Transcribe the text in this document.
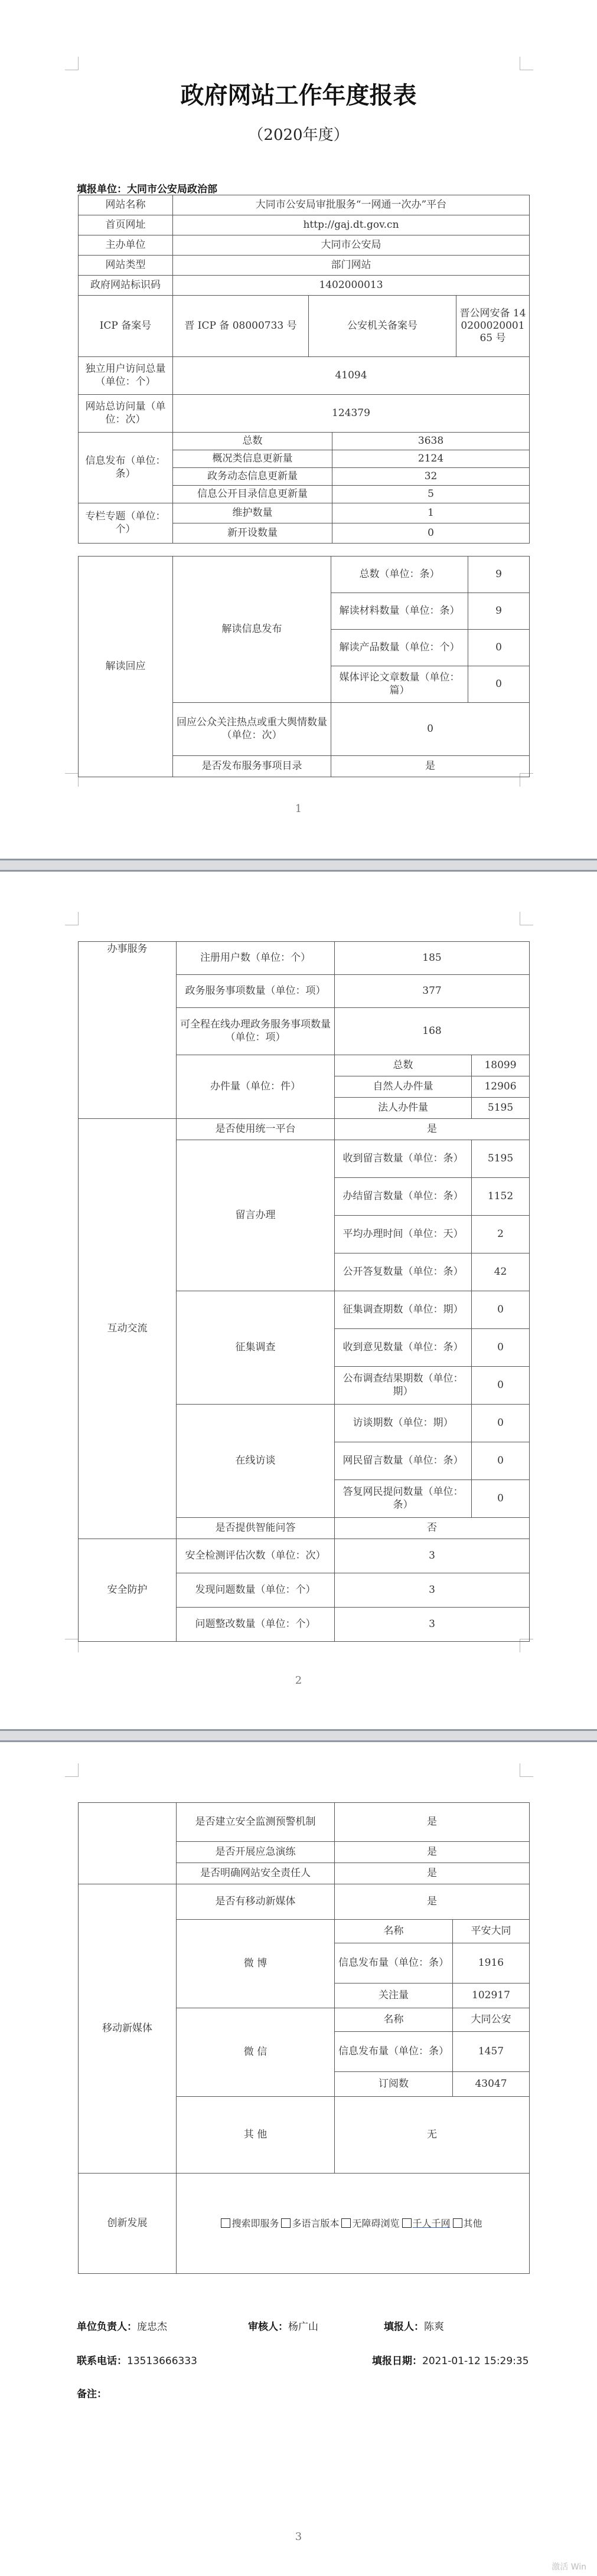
政府网站工作年度报表
（2020年度）
填报单位：大同市公安局政治部
网站名称	大同市公安局审批服务“一网通一次办”平台
首页网址	http://gaj.dt.gov.cn
主办单位	大同市公安局
网站类型	部门网站
政府网站标识码	1402000013
ICP 备案号	晋 ICP 备 08000733 号	公安机关备案号	晋公网安备 14020002000165 号
独立用户访问总量（单位：个）	41094		
网站总访问量（单位：次）	124379		
信息发布（单位：条）	总数	3638
	概况类信息更新量	2124
	政务动态信息更新量	32
	信息公开目录信息更新量	5
专栏专题（单位：个）	维护数量	1
	新开设数量	0
解读回应	解读信息发布	总数（单位：条）	9
		解读材料数量（单位：条）	9
		解读产品数量（单位：个）	0
		媒体评论文章数量（单位：篇）	0
	回应公众关注热点或重大舆情数量（单位：次）	0	
	是否发布服务事项目录	是	
1
办事服务	注册用户数（单位：个）	185	
	政务服务事项数量（单位：项）	377	
	可全程在线办理政务服务事项数量（单位：项）	168	
	办件量（单位：件）	总数	18099
		自然人办件量	12906
		法人办件量	5195
互动交流	是否使用统一平台	是	
	留言办理	收到留言数量（单位：条）	5195
		办结留言数量（单位：条）	1152
		平均办理时间（单位：天）	2
		公开答复数量（单位：条）	42
	征集调查	征集调查期数（单位：期）	0
		收到意见数量（单位：条）	0
		公布调查结果期数（单位：期）	0
	在线访谈	访谈期数（单位：期）	0
		网民留言数量（单位：条）	0
		答复网民提问数量（单位：条）	0
	是否提供智能问答	否	
安全防护	安全检测评估次数（单位：次）	3	
	发现问题数量（单位：个）	3	
	问题整改数量（单位：个）	3	
2
	是否建立安全监测预警机制	是	
	是否开展应急演练	是	
	是否明确网站安全责任人	是	
移动新媒体	是否有移动新媒体	是	
	微 博	名称	平安大同
		信息发布量（单位：条）	1916
		关注量	102917
	微 信	名称	大同公安
		信息发布量（单位：条）	1457
		订阅数	43047
	其 他	无	
创新发展	搜索即服务 多语言版本 无障碍浏览 千人千网 其他		
单位负责人：庞忠杰	审核人：杨广山	填报人：陈爽
联系电话：13513666333	填报日期：2021-01-12 15:29:35
备注：
3
激活 Win
